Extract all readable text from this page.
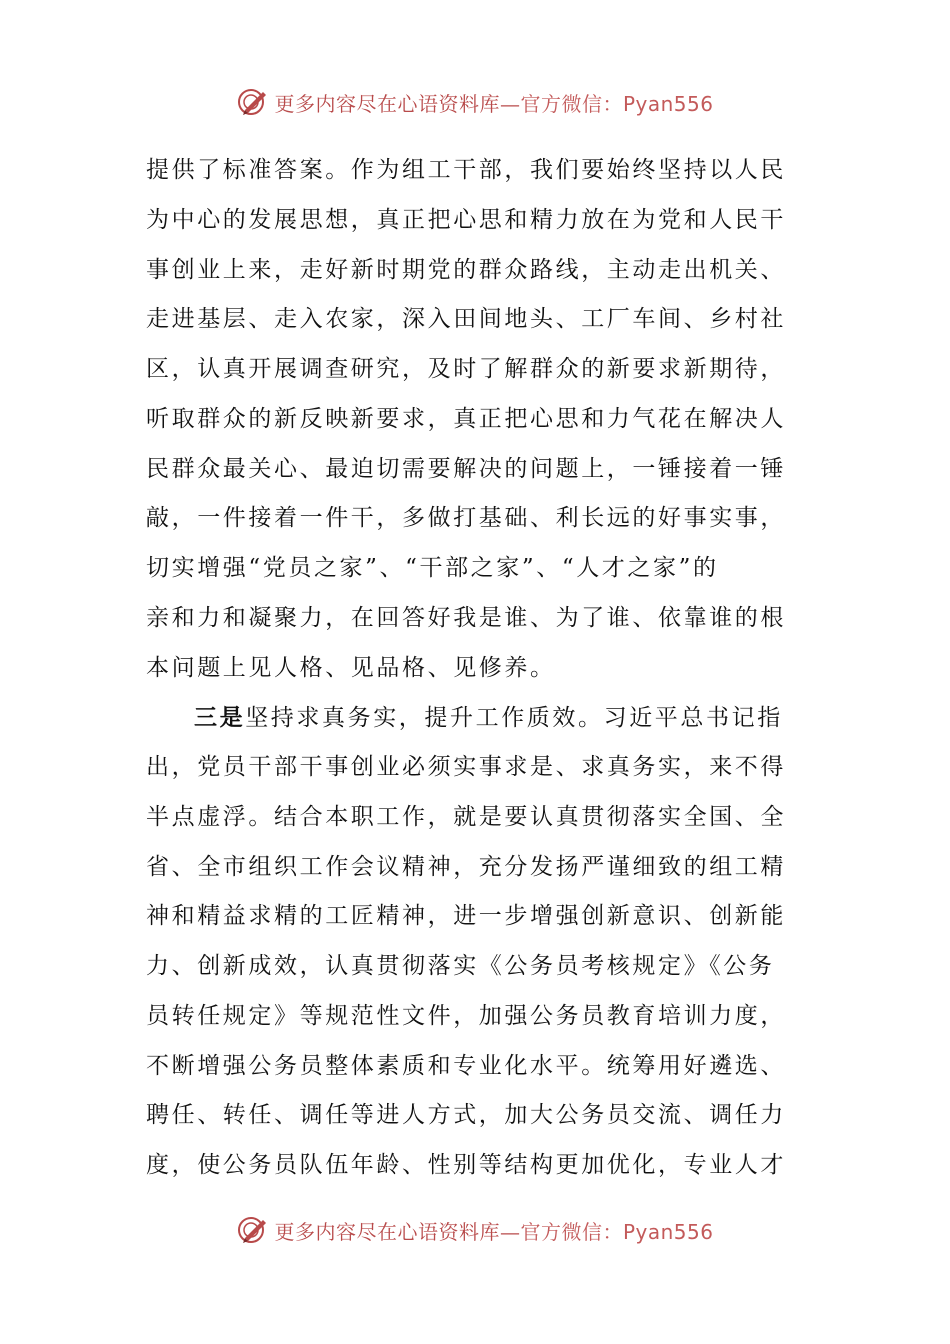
更多内容尽在心语资料库—官方微信：Pyan556
提供了标准答案。作为组工干部，我们要始终坚持以人民
为中心的发展思想，真正把心思和精力放在为党和人民干
事创业上来，走好新时期党的群众路线，主动走出机关、
走进基层、走入农家，深入田间地头、工厂车间、乡村社
区，认真开展调查研究，及时了解群众的新要求新期待，
听取群众的新反映新要求，真正把心思和力气花在解决人
民群众最关心、最迫切需要解决的问题上，一锤接着一锤
敲，一件接着一件干，多做打基础、利长远的好事实事，
切实增强“党员之家”、“干部之家”、“人才之家”的
亲和力和凝聚力，在回答好我是谁、为了谁、依靠谁的根
本问题上见人格、见品格、见修养。
三是坚持求真务实，提升工作质效。习近平总书记指
出，党员干部干事创业必须实事求是、求真务实，来不得
半点虚浮。结合本职工作，就是要认真贯彻落实全国、全
省、全市组织工作会议精神，充分发扬严谨细致的组工精
神和精益求精的工匠精神，进一步增强创新意识、创新能
力、创新成效，认真贯彻落实《公务员考核规定》《公务
员转任规定》等规范性文件，加强公务员教育培训力度，
不断增强公务员整体素质和专业化水平。统筹用好遴选、
聘任、转任、调任等进人方式，加大公务员交流、调任力
度，使公务员队伍年龄、性别等结构更加优化，专业人才
更多内容尽在心语资料库—官方微信：Pyan556
